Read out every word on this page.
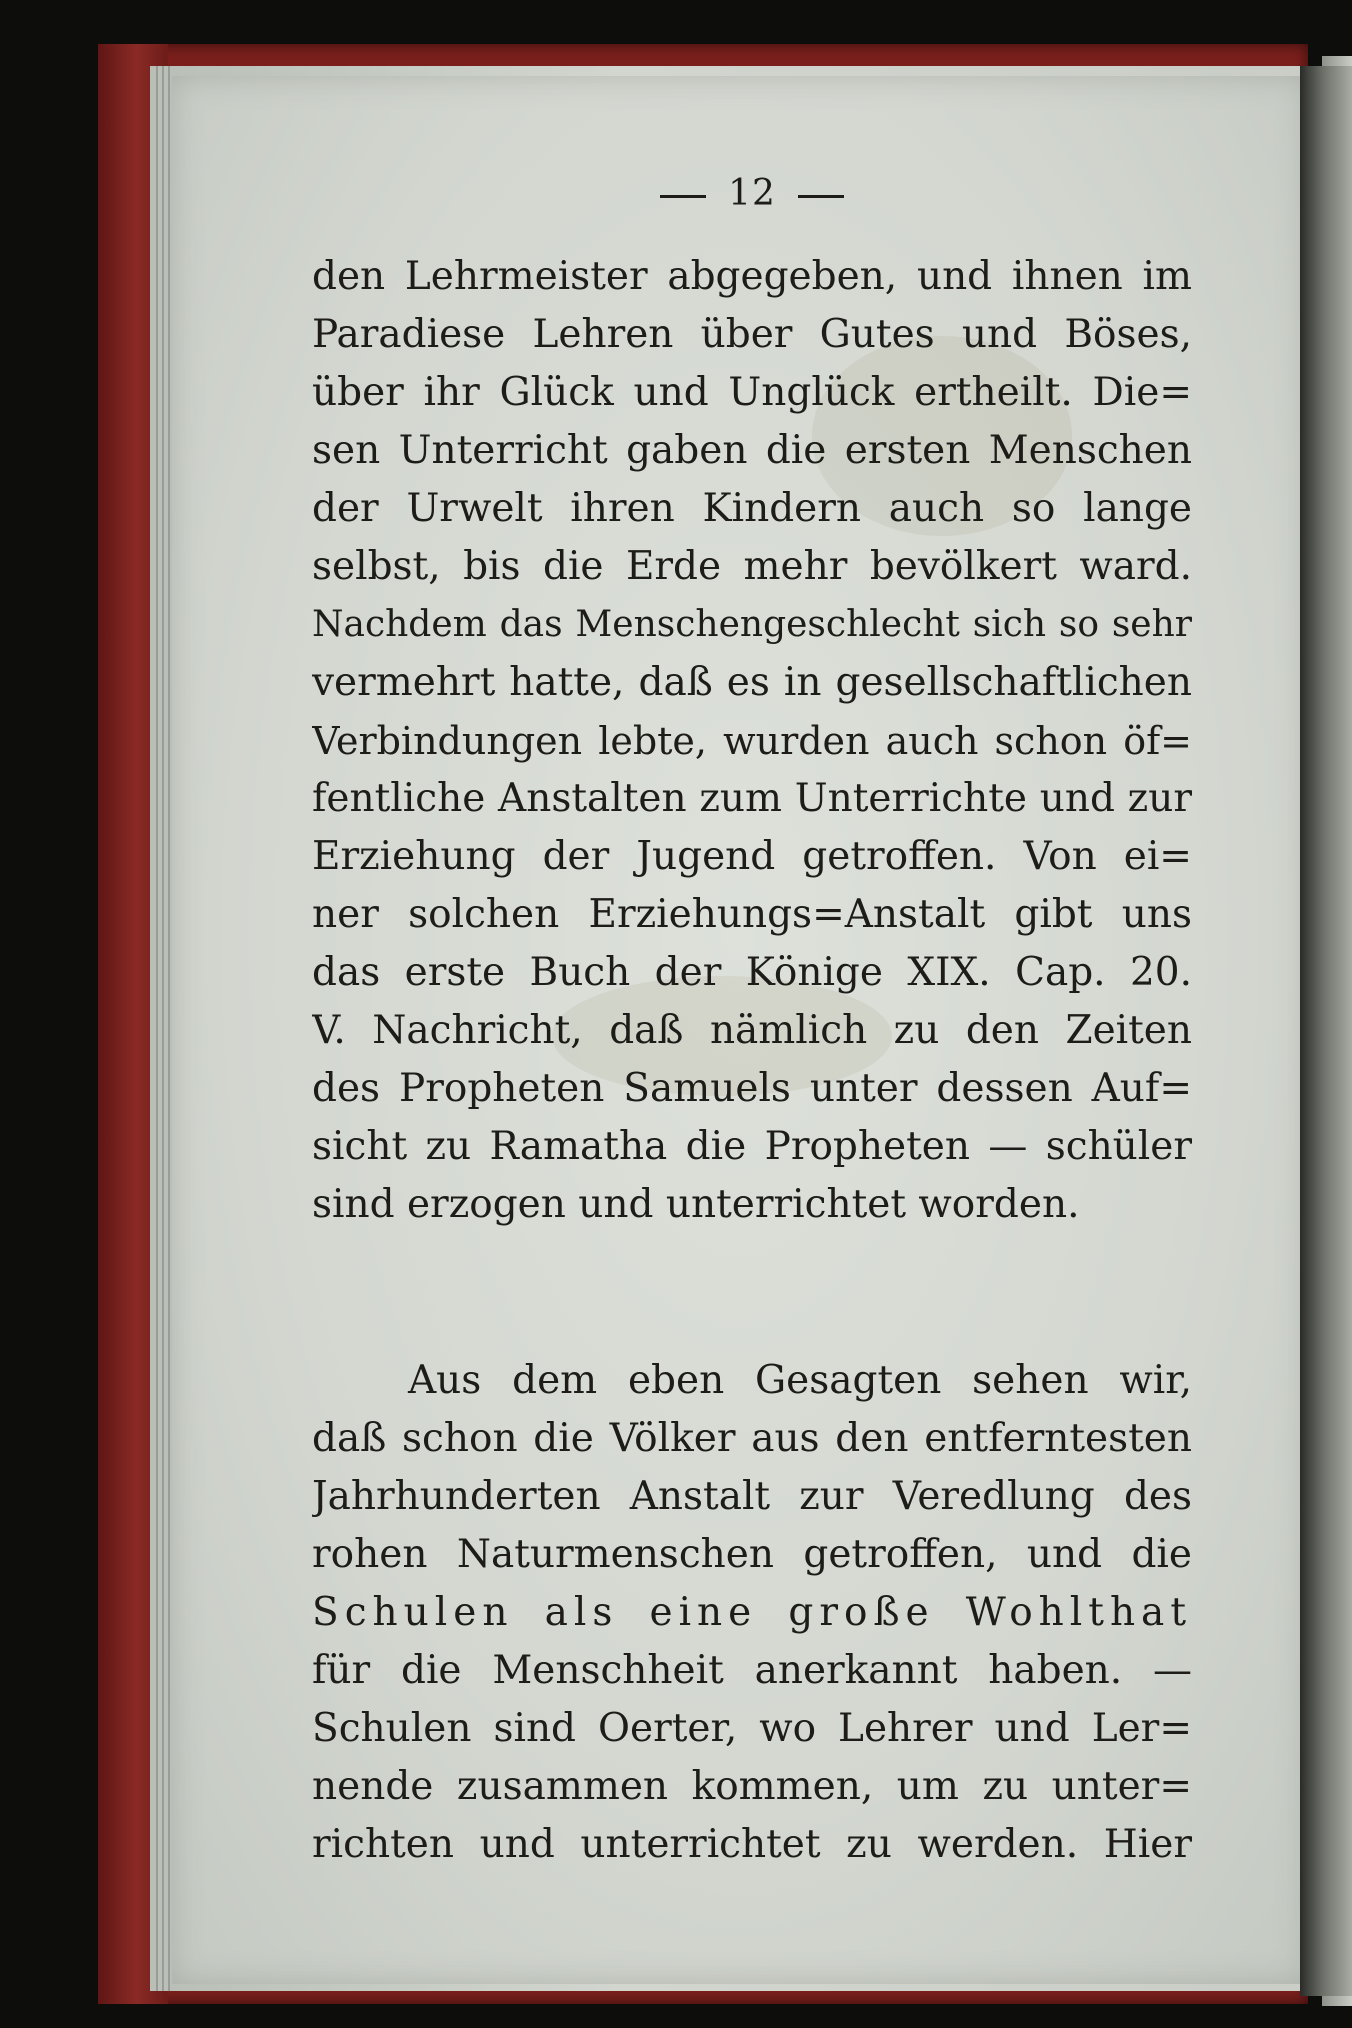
12
den Lehrmeister abgegeben, und ihnen im
Paradiese Lehren über Gutes und Böses,
über ihr Glück und Unglück ertheilt. Die=
sen Unterricht gaben die ersten Menschen
der Urwelt ihren Kindern auch so lange
selbst, bis die Erde mehr bevölkert ward.
Nachdem das Menschengeschlecht sich so sehr
vermehrt hatte, daß es in gesellschaftlichen
Verbindungen lebte, wurden auch schon öf=
fentliche Anstalten zum Unterrichte und zur
Erziehung der Jugend getroffen. Von ei=
ner solchen Erziehungs=Anstalt gibt uns
das erste Buch der Könige XIX. Cap. 20.
V. Nachricht, daß nämlich zu den Zeiten
des Propheten Samuels unter dessen Auf=
sicht zu Ramatha die Propheten — schüler
sind erzogen und unterrichtet worden.
Aus dem eben Gesagten sehen wir,
daß schon die Völker aus den entferntesten
Jahrhunderten Anstalt zur Veredlung des
rohen Naturmenschen getroffen, und die
Schulen als eine große Wohlthat
für die Menschheit anerkannt haben. —
Schulen sind Oerter, wo Lehrer und Ler=
nende zusammen kommen, um zu unter=
richten und unterrichtet zu werden. Hier
